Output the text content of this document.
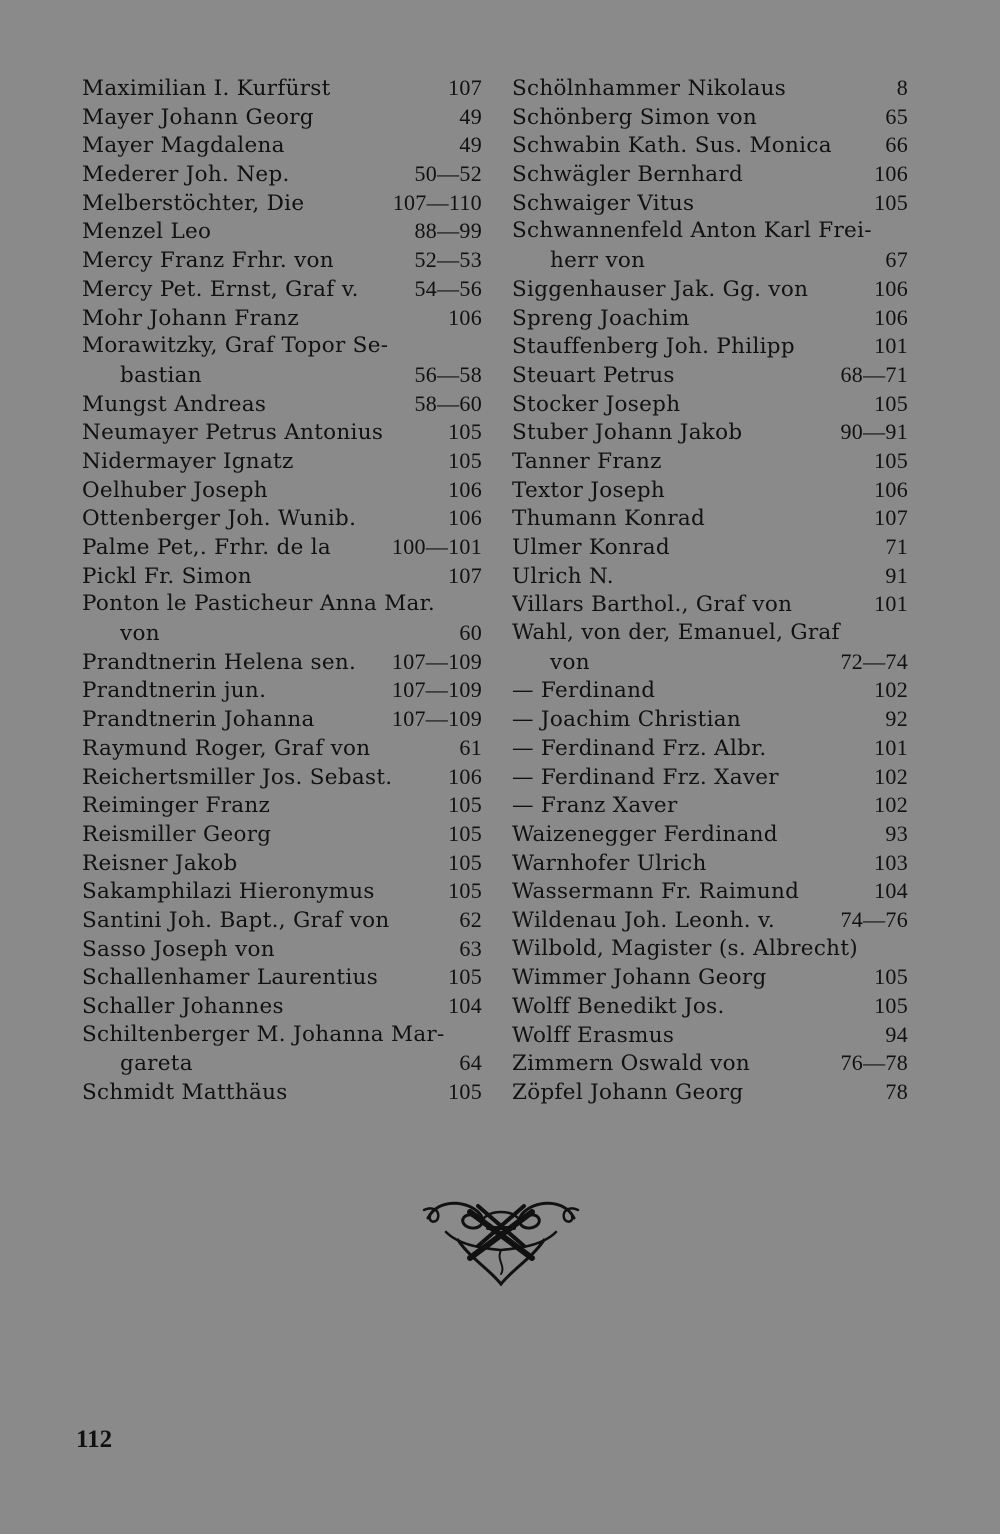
Maximilian I. Kurfürst	107
Mayer Johann Georg	49
Mayer Magdalena	49
Mederer Joh. Nep.	50—52
Melberstöchter, Die	107—110
Menzel Leo	88—99
Mercy Franz Frhr. von	52—53
Mercy Pet. Ernst, Graf v.	54—56
Mohr Johann Franz	106
Morawitzky, Graf Topor Se-
bastian	56—58
Mungst Andreas	58—60
Neumayer Petrus Antonius	105
Nidermayer Ignatz	105
Oelhuber Joseph	106
Ottenberger Joh. Wunib.	106
Palme Pet,. Frhr. de la	100—101
Pickl Fr. Simon	107
Ponton le Pasticheur Anna Mar.
von	60
Prandtnerin Helena sen.	107—109
Prandtnerin jun.	107—109
Prandtnerin Johanna	107—109
Raymund Roger, Graf von	61
Reichertsmiller Jos. Sebast.	106
Reiminger Franz	105
Reismiller Georg	105
Reisner Jakob	105
Sakamphilazi Hieronymus	105
Santini Joh. Bapt., Graf von	62
Sasso Joseph von	63
Schallenhamer Laurentius	105
Schaller Johannes	104
Schiltenberger M. Johanna Mar-
gareta	64
Schmidt Matthäus	105
Schölnhammer Nikolaus	8
Schönberg Simon von	65
Schwabin Kath. Sus. Monica	66
Schwägler Bernhard	106
Schwaiger Vitus	105
Schwannenfeld Anton Karl Frei-
herr von	67
Siggenhauser Jak. Gg. von	106
Spreng Joachim	106
Stauffenberg Joh. Philipp	101
Steuart Petrus	68—71
Stocker Joseph	105
Stuber Johann Jakob	90—91
Tanner Franz	105
Textor Joseph	106
Thumann Konrad	107
Ulmer Konrad	71
Ulrich N.	91
Villars Barthol., Graf von	101
Wahl, von der, Emanuel, Graf
von	72—74
— Ferdinand	102
— Joachim Christian	92
— Ferdinand Frz. Albr.	101
— Ferdinand Frz. Xaver	102
— Franz Xaver	102
Waizenegger Ferdinand	93
Warnhofer Ulrich	103
Wassermann Fr. Raimund	104
Wildenau Joh. Leonh. v.	74—76
Wilbold, Magister (s. Albrecht)
Wimmer Johann Georg	105
Wolff Benedikt Jos.	105
Wolff Erasmus	94
Zimmern Oswald von	76—78
Zöpfel Johann Georg	78
112
